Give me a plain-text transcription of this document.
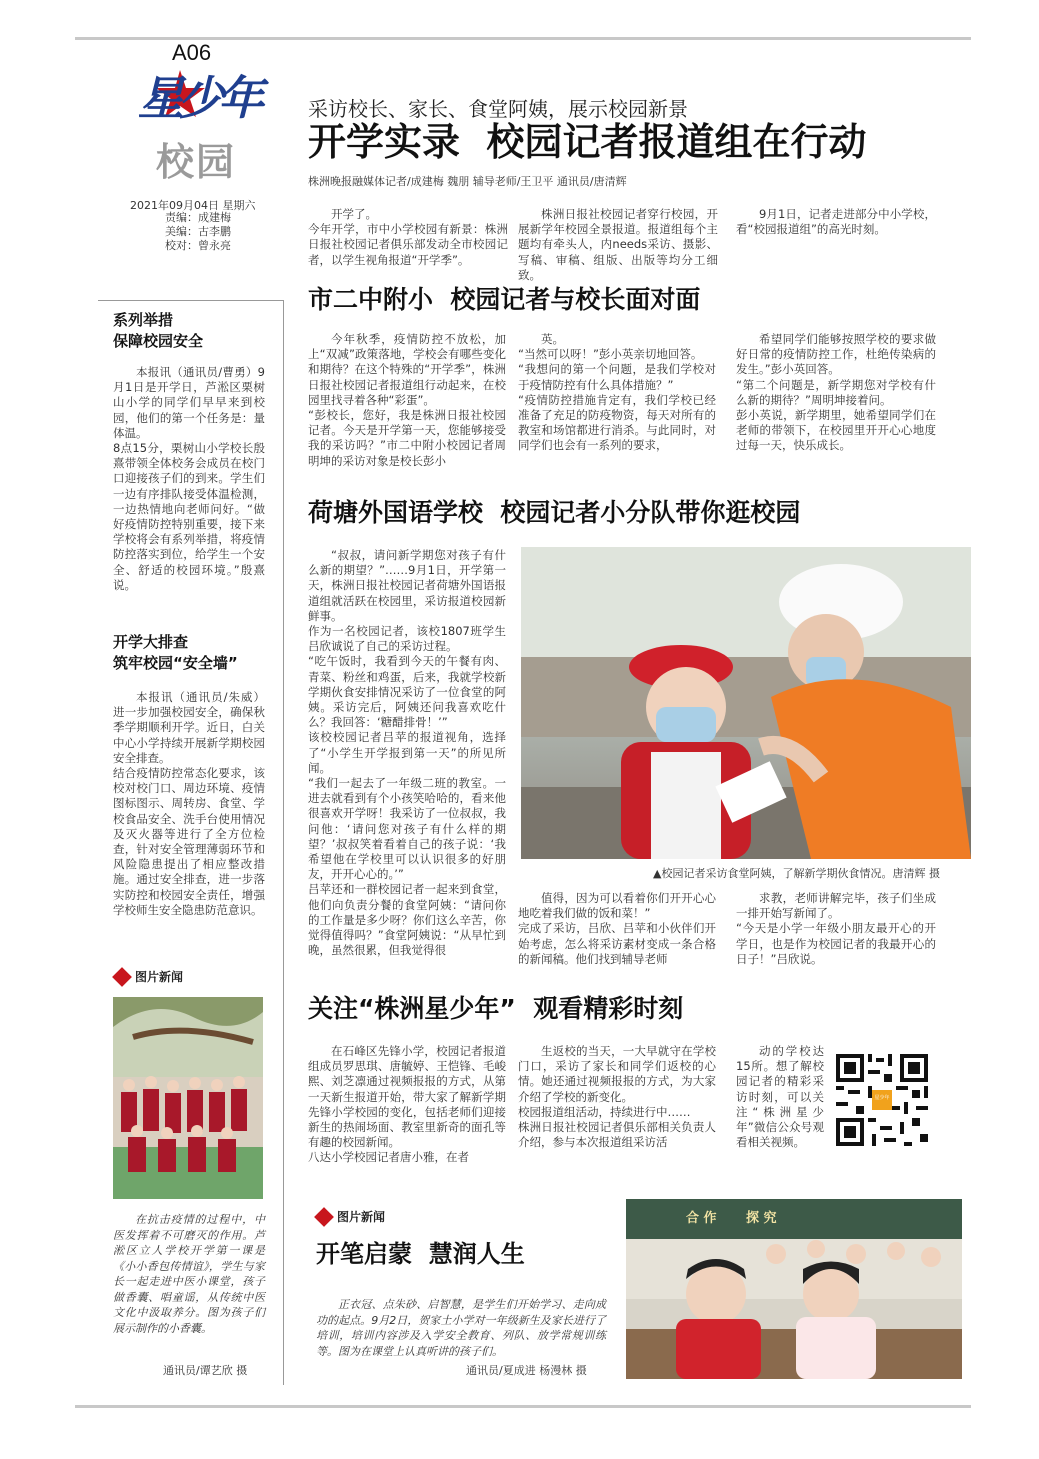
A06
星少年
校园
2021年09月04日 星期六
责编：成建梅
美编：古李鹏
校对：曾永亮
采访校长、家长、食堂阿姨，展示校园新景
开学实录  校园记者报道组在行动
株洲晚报融媒体记者/成建梅 魏朋 辅导老师/王卫平 通讯员/唐清辉
开学了。
今年开学，市中小学校园有新景：株洲日报社校园记者俱乐部发动全市校园记者，以学生视角报道“开学季”。
株洲日报社校园记者穿行校园，开展新学年校园全景报道。报道组每个主题均有牵头人，内needs采访、摄影、写稿、审稿、组版、出版等均分工细致。
9月1日，记者走进部分中小学校，看“校园报道组”的高光时刻。
市二中附小  校园记者与校长面对面
今年秋季，疫情防控不放松，加上“双减”政策落地，学校会有哪些变化和期待？在这个特殊的“开学季”，株洲日报社校园记者报道组行动起来，在校园里找寻着各种“彩蛋”。
“彭校长，您好，我是株洲日报社校园记者。今天是开学第一天，您能够接受我的采访吗？”市二中附小校园记者周明坤的采访对象是校长彭小
英。
“当然可以呀！”彭小英亲切地回答。
“我想问的第一个问题，是我们学校对于疫情防控有什么具体措施？”
“疫情防控措施肯定有，我们学校已经准备了充足的防疫物资，每天对所有的教室和场馆都进行消杀。与此同时，对同学们也会有一系列的要求，
希望同学们能够按照学校的要求做好日常的疫情防控工作，杜绝传染病的发生。”彭小英回答。
“第二个问题是，新学期您对学校有什么新的期待？”周明坤接着问。
彭小英说，新学期里，她希望同学们在老师的带领下，在校园里开开心心地度过每一天，快乐成长。
荷塘外国语学校  校园记者小分队带你逛校园
“叔叔，请问新学期您对孩子有什么新的期望？”……9月1日，开学第一天，株洲日报社校园记者荷塘外国语报道组就活跃在校园里，采访报道校园新鲜事。
作为一名校园记者，该校1807班学生吕欣诚说了自己的采访过程。
“吃午饭时，我看到今天的午餐有肉、青菜、粉丝和鸡蛋，后来，我就学校新学期伙食安排情况采访了一位食堂的阿姨。采访完后，阿姨还问我喜欢吃什么？我回答：‘糖醋排骨！’”
该校校园记者吕苹的报道视角，选择了“小学生开学报到第一天”的所见所闻。
“我们一起去了一年级二班的教室。一进去就看到有个小孩笑哈哈的，看来他很喜欢开学呀！我采访了一位叔叔，我问他：‘请问您对孩子有什么样的期望？’叔叔笑着看着自己的孩子说：‘我希望他在学校里可以认识很多的好朋友，开开心心的。’”
吕苹还和一群校园记者一起来到食堂，他们向负责分餐的食堂阿姨：“请问你的工作量是多少呀？你们这么辛苦，你觉得值得吗？”食堂阿姨说：“从早忙到晚，虽然很累，但我觉得很
▲校园记者采访食堂阿姨，了解新学期伙食情况。唐清辉 摄
值得，因为可以看着你们开开心心地吃着我们做的饭和菜！”
完成了采访，吕欣、吕苹和小伙伴们开始考虑，怎么将采访素材变成一条合格的新闻稿。他们找到辅导老师
求教，老师讲解完毕，孩子们坐成一排开始写新闻了。
“今天是小学一年级小朋友最开心的开学日，也是作为校园记者的我最开心的日子！”吕欣说。
关注“株洲星少年”  观看精彩时刻
在石峰区先锋小学，校园记者报道组成员罗思琪、唐毓婷、王恺锋、毛峻熙、刘芝凛通过视频报报的方式，从第一天新生报道开始，带大家了解新学期先锋小学校园的变化，包括老师们迎接新生的热闹场面、教室里新奇的面孔等有趣的校园新闻。
八达小学校园记者唐小雅，在者
生返校的当天，一大早就守在学校门口，采访了家长和同学们返校的心情。她还通过视频报报的方式，为大家介绍了学校的新变化。
校园报道组活动，持续进行中……
株洲日报社校园记者俱乐部相关负责人介绍，参与本次报道组采访活
动的学校达15所。想了解校园记者的精彩采访时刻，可以关注“株洲星少年”微信公众号观看相关视频。
星少年
系列举措
保障校园安全
本报讯（通讯员/曹勇）9月1日是开学日，芦淞区栗树山小学的同学们早早来到校园，他们的第一个任务是：量体温。
8点15分，栗树山小学校长殷熹带领全体校务会成员在校门口迎接孩子们的到来。学生们一边有序排队接受体温检测，一边热情地向老师问好。“做好疫情防控特别重要，接下来学校将会有系列举措，将疫情防控落实到位，给学生一个安全、舒适的校园环境。”殷熹说。
开学大排查
筑牢校园“安全墙”
本报讯（通讯员/朱威）进一步加强校园安全，确保秋季学期顺利开学。近日，白关中心小学持续开展新学期校园安全排查。
结合疫情防控常态化要求，该校对校门口、周边环境、疫情图标图示、周转房、食堂、学校食品安全、洗手台使用情况及灭火器等进行了全方位检查，针对安全管理薄弱环节和风险隐患提出了相应整改措施。通过安全排查，进一步落实防控和校园安全责任，增强学校师生安全隐患防范意识。
图片新闻
在抗击疫情的过程中，中医发挥着不可磨灭的作用。芦淞区立人学校开学第一课是《小小香包传情谊》，学生与家长一起走进中医小课堂，孩子做香囊、唱童谣，从传统中医文化中汲取养分。图为孩子们展示制作的小香囊。
通讯员/谭艺欣 摄
图片新闻
开笔启蒙  慧润人生
正衣冠、点朱砂、启智慧，是学生们开始学习、走向成功的起点。9月2日，贺家土小学对一年级新生及家长进行了培训，培训内容涉及入学安全教育、列队、放学常规训练等。图为在课堂上认真听讲的孩子们。
通讯员/夏成进 杨漫林 摄
合 作 探 究
